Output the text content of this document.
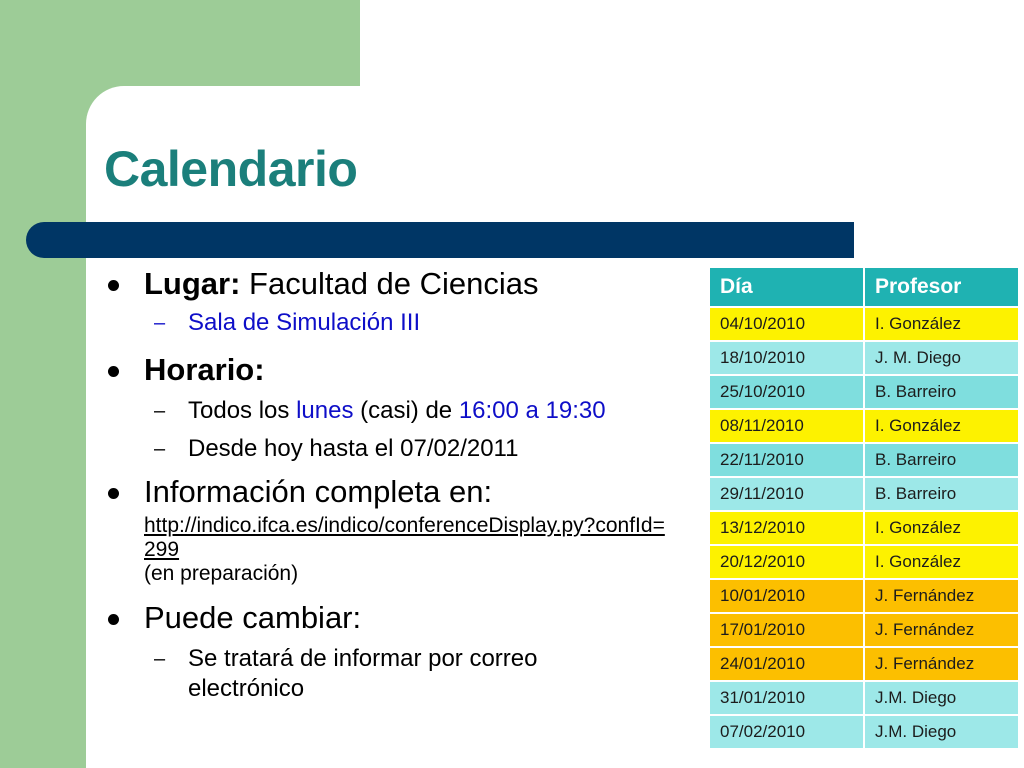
Calendario
Lugar: Facultad de Ciencias
– Sala de Simulación III
Horario:
– Todos los lunes (casi) de 16:00 a 19:30
– Desde hoy hasta el 07/02/2011
Información completa en:
http://indico.ifca.es/indico/conferenceDisplay.py?confId=299
(en preparación)
Puede cambiar:
– Se tratará de informar por correo electrónico
Día	Profesor
04/10/2010	I. González
18/10/2010	J. M. Diego
25/10/2010	B. Barreiro
08/11/2010	I. González
22/11/2010	B. Barreiro
29/11/2010	B. Barreiro
13/12/2010	I. González
20/12/2010	I. González
10/01/2010	J. Fernández
17/01/2010	J. Fernández
24/01/2010	J. Fernández
31/01/2010	J.M. Diego
07/02/2010	J.M. Diego
